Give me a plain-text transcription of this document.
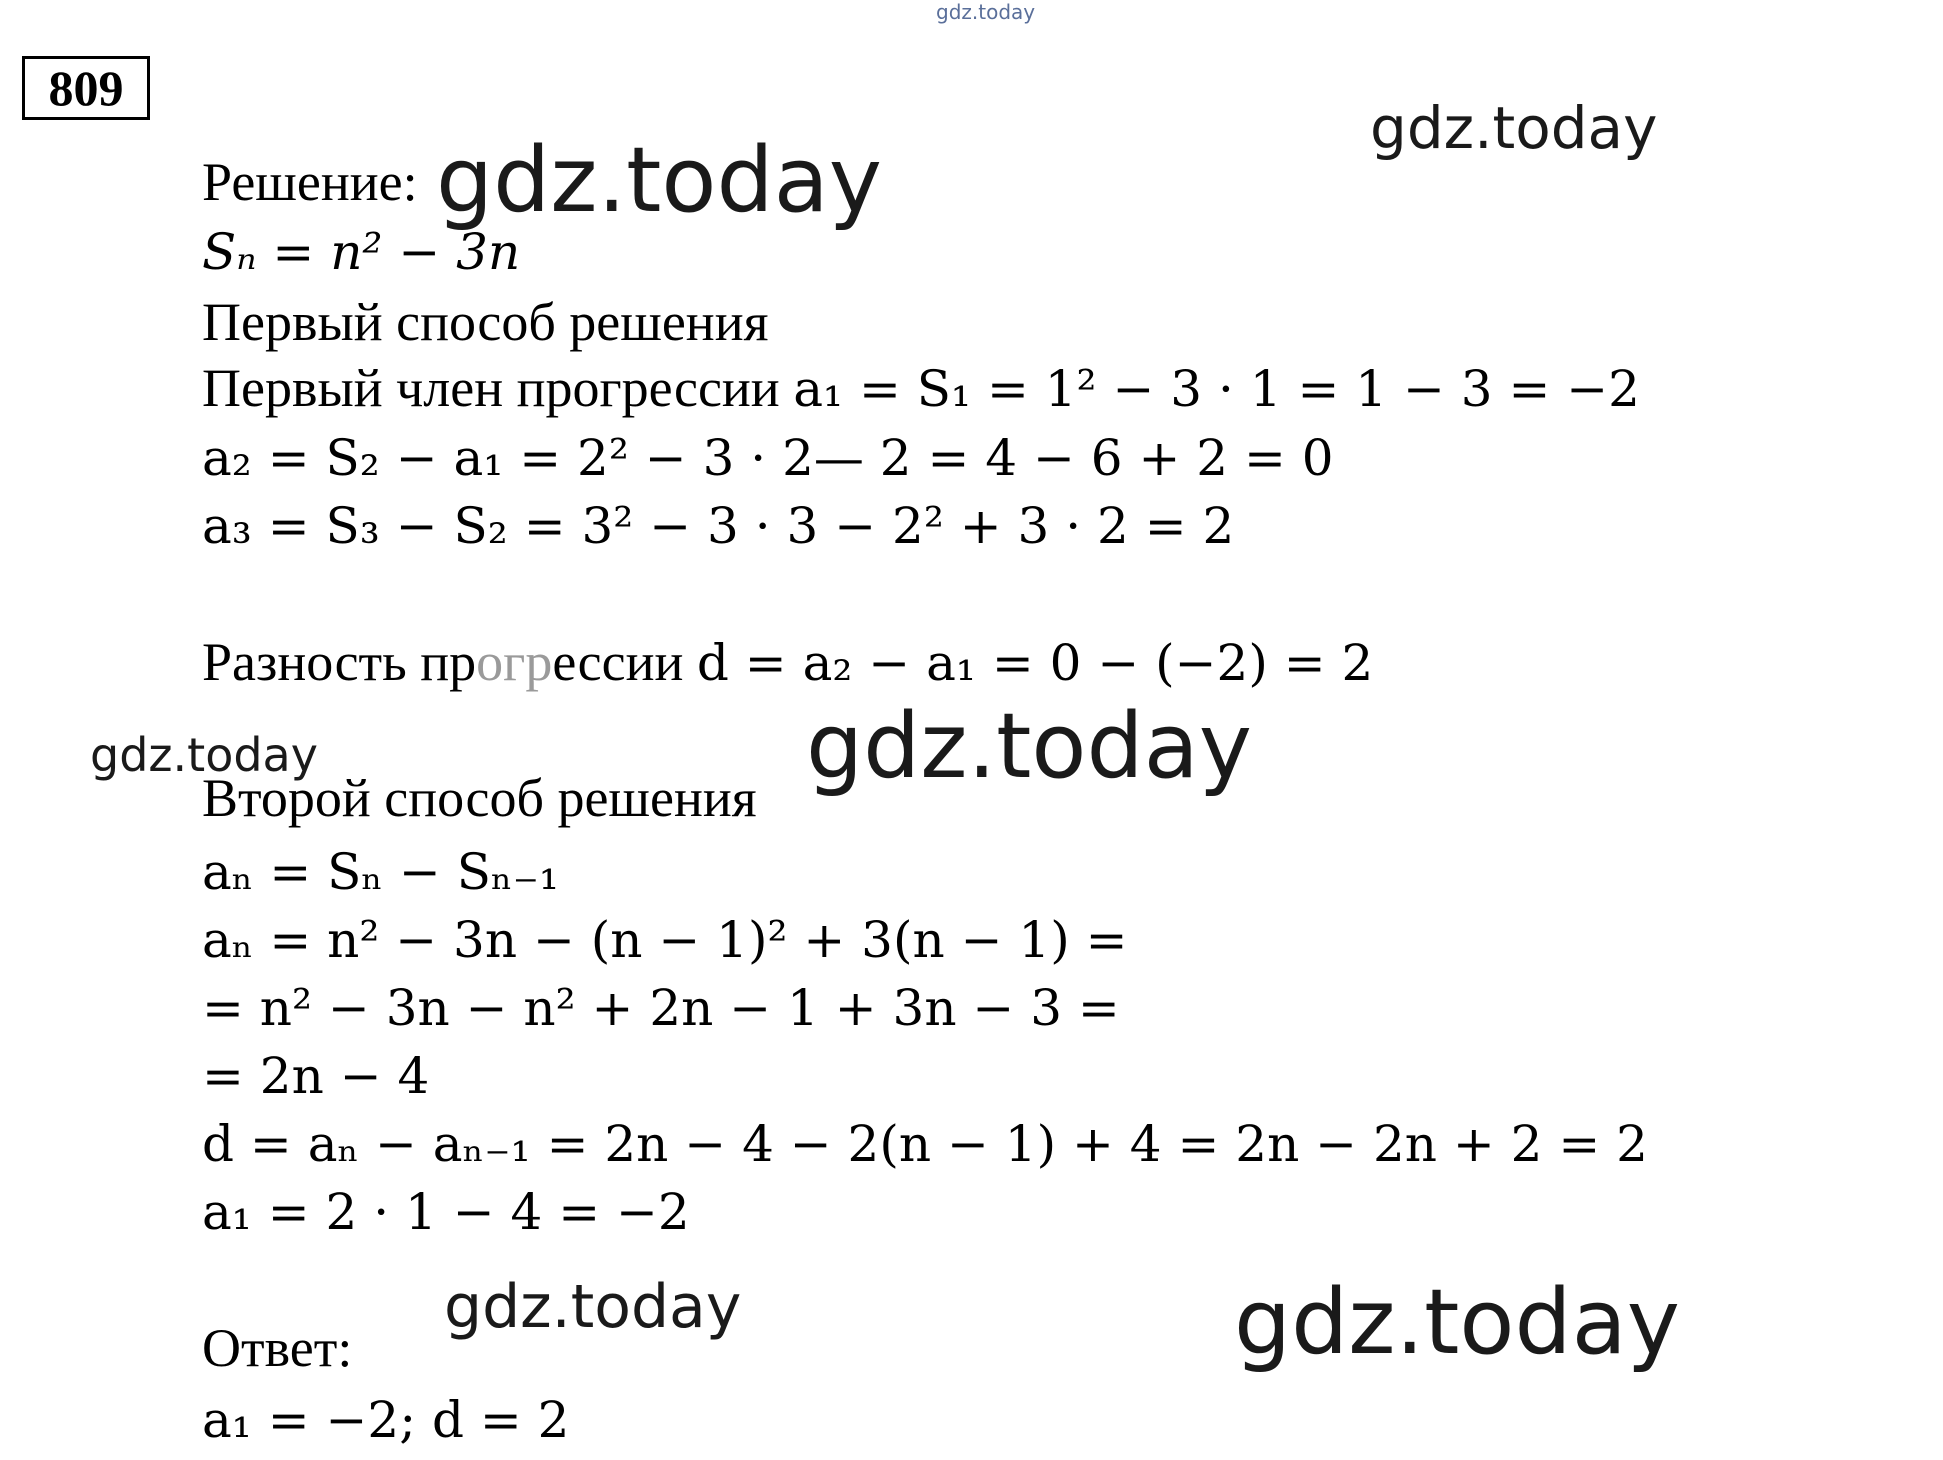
gdz.today
809
gdz.today
gdz.today
gdz.today	gdz.today
gdz.today	gdz.today
Решение:
Sₙ = n² − 3n
Первый способ решения
Первый член прогрессии a₁ = S₁ = 1² − 3 · 1 = 1 − 3 = −2
a₂ = S₂ − a₁ = 2² − 3 · 2— 2 = 4 − 6 + 2 = 0
a₃ = S₃ − S₂ = 3² − 3 · 3 − 2² + 3 · 2 = 2
Разность прогрессии d = a₂ − a₁ = 0 − (−2) = 2
Второй способ решения
aₙ = Sₙ − Sₙ₋₁
aₙ = n² − 3n − (n − 1)² + 3(n − 1) =
= n² − 3n − n² + 2n − 1 + 3n − 3 =
= 2n − 4
d = aₙ − aₙ₋₁ = 2n − 4 − 2(n − 1) + 4 = 2n − 2n + 2 = 2
a₁ = 2 · 1 − 4 = −2
Ответ:
a₁ = −2; d = 2
